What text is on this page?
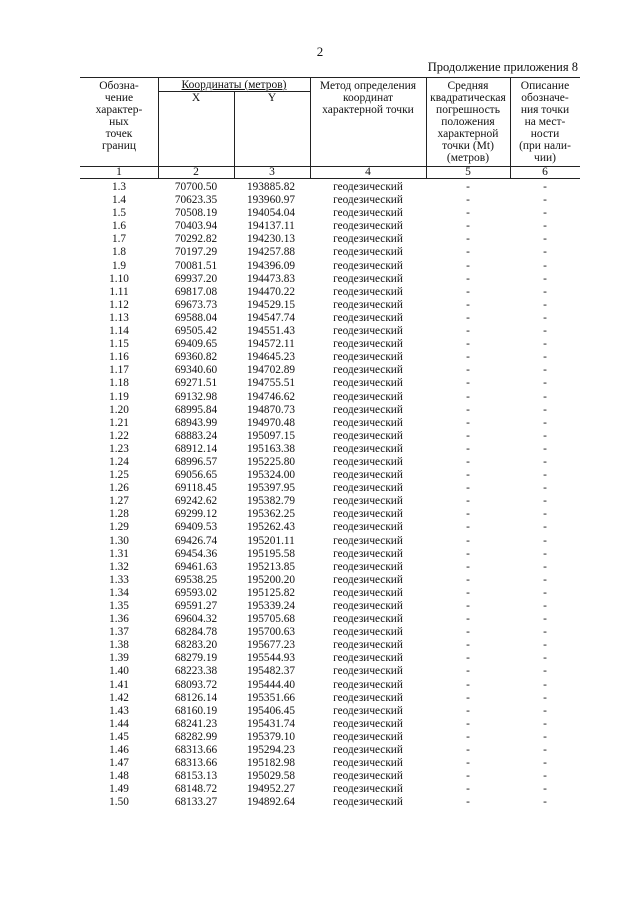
2
Продолжение приложения 8
Обозна-
чение
характер-
ных
точек
границ
Координаты (метров)
X	Y
Метод определения
координат
характерной точки
Средняя
квадратическая
погрешность
положения
характерной
точки (Mt)
(метров)
Описание
обозначе-
ния точки
на мест-
ности
(при нали-
чии)
1	2	3	4	5	6
1.3	70700.50	193885.82	геодезический	-	-
1.4	70623.35	193960.97	геодезический	-	-
1.5	70508.19	194054.04	геодезический	-	-
1.6	70403.94	194137.11	геодезический	-	-
1.7	70292.82	194230.13	геодезический	-	-
1.8	70197.29	194257.88	геодезический	-	-
1.9	70081.51	194396.09	геодезический	-	-
1.10	69937.20	194473.83	геодезический	-	-
1.11	69817.08	194470.22	геодезический	-	-
1.12	69673.73	194529.15	геодезический	-	-
1.13	69588.04	194547.74	геодезический	-	-
1.14	69505.42	194551.43	геодезический	-	-
1.15	69409.65	194572.11	геодезический	-	-
1.16	69360.82	194645.23	геодезический	-	-
1.17	69340.60	194702.89	геодезический	-	-
1.18	69271.51	194755.51	геодезический	-	-
1.19	69132.98	194746.62	геодезический	-	-
1.20	68995.84	194870.73	геодезический	-	-
1.21	68943.99	194970.48	геодезический	-	-
1.22	68883.24	195097.15	геодезический	-	-
1.23	68912.14	195163.38	геодезический	-	-
1.24	68996.57	195225.80	геодезический	-	-
1.25	69056.65	195324.00	геодезический	-	-
1.26	69118.45	195397.95	геодезический	-	-
1.27	69242.62	195382.79	геодезический	-	-
1.28	69299.12	195362.25	геодезический	-	-
1.29	69409.53	195262.43	геодезический	-	-
1.30	69426.74	195201.11	геодезический	-	-
1.31	69454.36	195195.58	геодезический	-	-
1.32	69461.63	195213.85	геодезический	-	-
1.33	69538.25	195200.20	геодезический	-	-
1.34	69593.02	195125.82	геодезический	-	-
1.35	69591.27	195339.24	геодезический	-	-
1.36	69604.32	195705.68	геодезический	-	-
1.37	68284.78	195700.63	геодезический	-	-
1.38	68283.20	195677.23	геодезический	-	-
1.39	68279.19	195544.93	геодезический	-	-
1.40	68223.38	195482.37	геодезический	-	-
1.41	68093.72	195444.40	геодезический	-	-
1.42	68126.14	195351.66	геодезический	-	-
1.43	68160.19	195406.45	геодезический	-	-
1.44	68241.23	195431.74	геодезический	-	-
1.45	68282.99	195379.10	геодезический	-	-
1.46	68313.66	195294.23	геодезический	-	-
1.47	68313.66	195182.98	геодезический	-	-
1.48	68153.13	195029.58	геодезический	-	-
1.49	68148.72	194952.27	геодезический	-	-
1.50	68133.27	194892.64	геодезический	-	-
